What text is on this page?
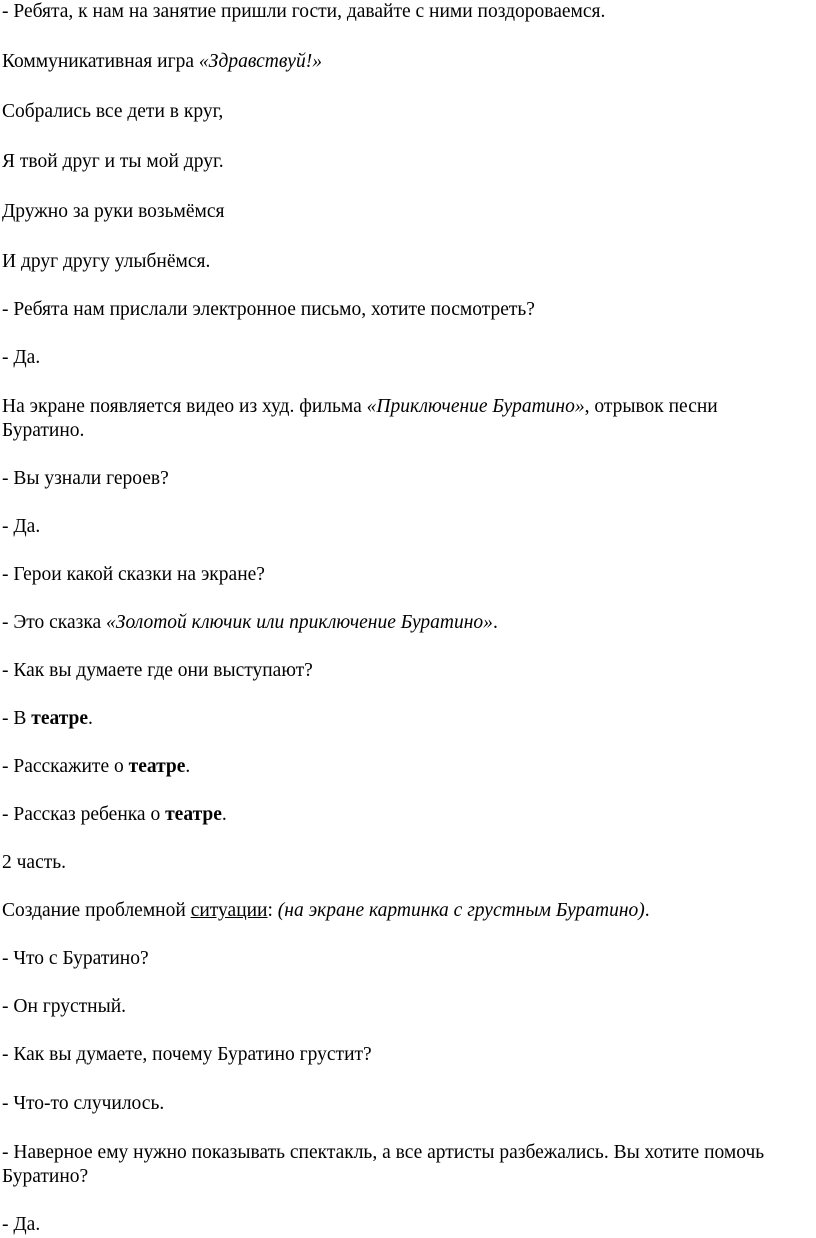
- Ребята, к нам на занятие пришли гости, давайте с ними поздороваемся.

Коммуникативная игра «Здравствуй!»

Собрались все дети в круг,

Я твой друг и ты мой друг.

Дружно за руки возьмёмся

И друг другу улыбнёмся.

- Ребята нам прислали электронное письмо, хотите посмотреть?

- Да.

На экране появляется видео из худ. фильма «Приключение Буратино», отрывок песни Буратино.

- Вы узнали героев?

- Да.

- Герои какой сказки на экране?

- Это сказка «Золотой ключик или приключение Буратино».

- Как вы думаете где они выступают?

- В театре.

- Расскажите о театре.

- Рассказ ребенка о театре.

2 часть.

Создание проблемной ситуации: (на экране картинка с грустным Буратино).

- Что с Буратино?

- Он грустный.

- Как вы думаете, почему Буратино грустит?

- Что-то случилось.

- Наверное ему нужно показывать спектакль, а все артисты разбежались. Вы хотите помочь Буратино?

- Да.
